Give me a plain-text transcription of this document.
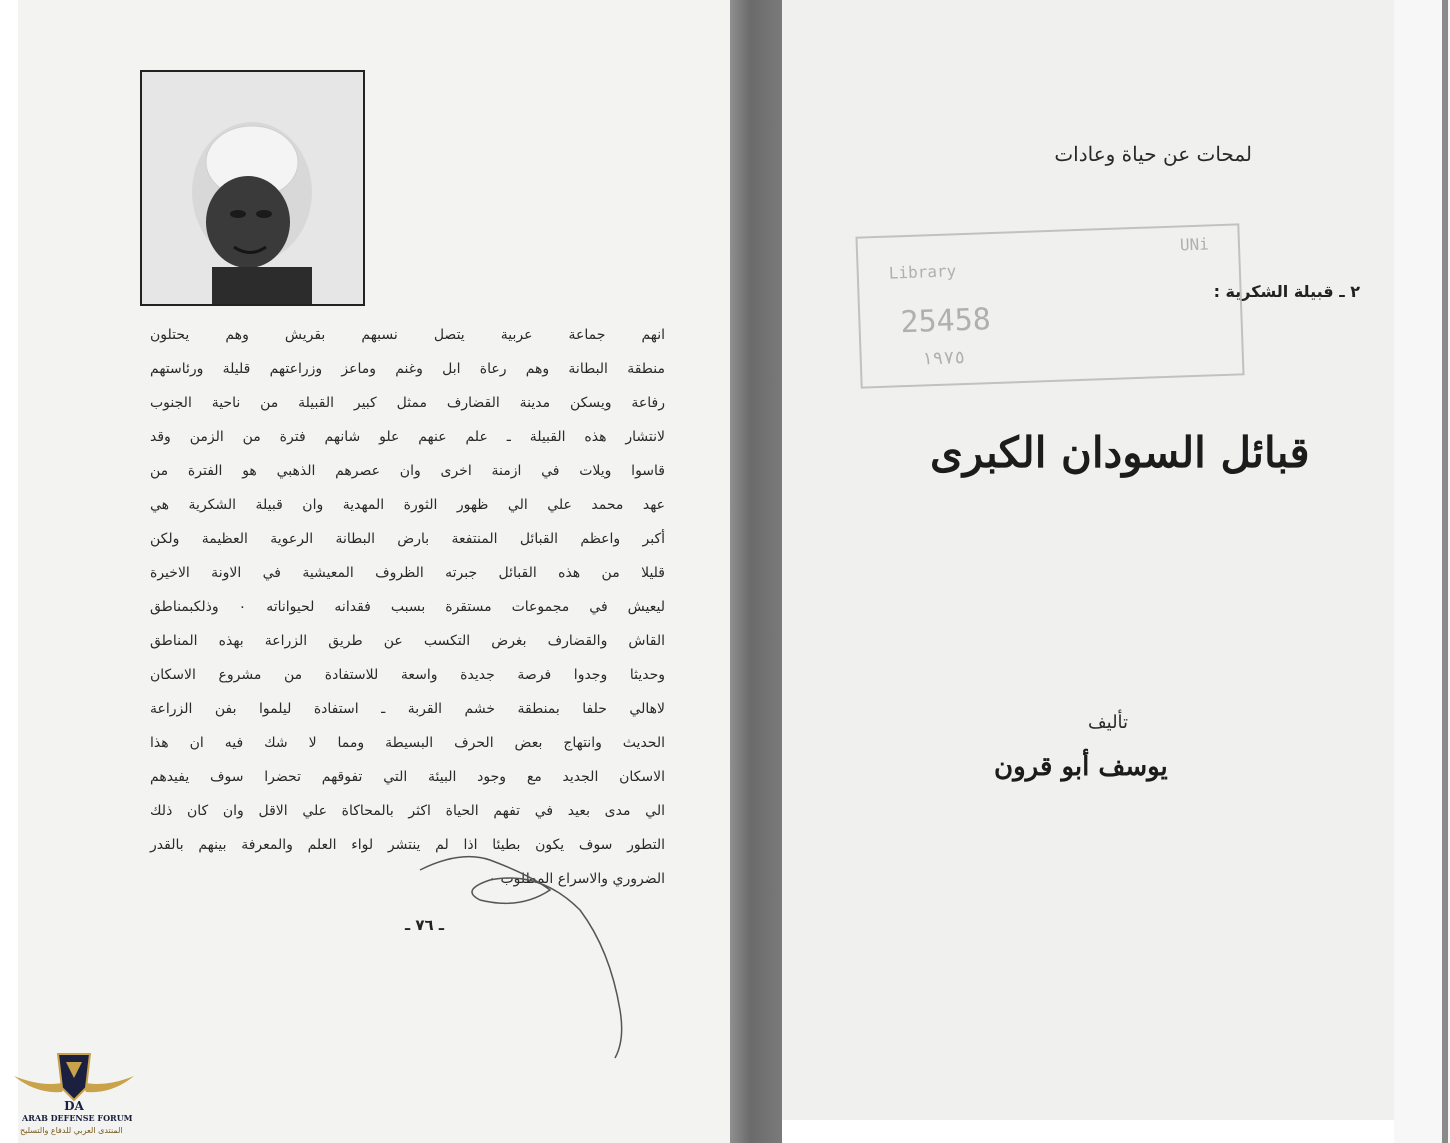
٢ ـ قبيلة الشكرية :
انهم جماعة عربية يتصل نسبهم بقريش وهم يحتلون
منطقة البطانة وهم رعاة ابل وغنم وماعز وزراعتهم قليلة ورئاستهم
رفاعة ويسكن مدينة القضارف ممثل كبير القبيلة من ناحية الجنوب
لانتشار هذه القبيلة ـ علم عنهم علو شانهم فترة من الزمن وقد
قاسوا ويلات في ازمنة اخرى وان عصرهم الذهبي هو الفترة من
عهد محمد علي الي ظهور الثورة المهدية وان قبيلة الشكرية هي
أكبر واعظم القبائل المنتفعة بارض البطانة الرعوية العظيمة ولكن
قليلا من هذه القبائل جبرته الظروف المعيشية في الاونة الاخيرة
ليعيش في مجموعات مستقرة بسبب فقدانه لحيواناته ٠ وذلكبمناطق
القاش والقضارف بغرض التكسب عن طريق الزراعة بهذه المناطق
وحديثا وجدوا فرصة جديدة واسعة للاستفادة من مشروع الاسكان
لاهالي حلفا بمنطقة خشم القربة ـ استفادة ليلموا بفن الزراعة
الحديث وانتهاج بعض الحرف البسيطة ومما لا شك فيه ان هذا
الاسكان الجديد مع وجود البيئة التي تفوقهم تحضرا سوف يفيدهم
الي مدى بعيد في تفهم الحياة اكثر بالمحاكاة علي الاقل وان كان ذلك
التطور سوف يكون بطيئا اذا لم ينتشر لواء العلم والمعرفة بينهم بالقدر
الضروري والاسراع المطلوب ٠
ـ ٧٦ ـ
DA
ARAB DEFENSE FORUM
المنتدى العربي للدفاع والتسليح
لمحات عن حياة وعادات
UNi
Library
25458
١٩٧٥
قبائل السودان الكبرى
تأليف
يوسف أبو قرون
